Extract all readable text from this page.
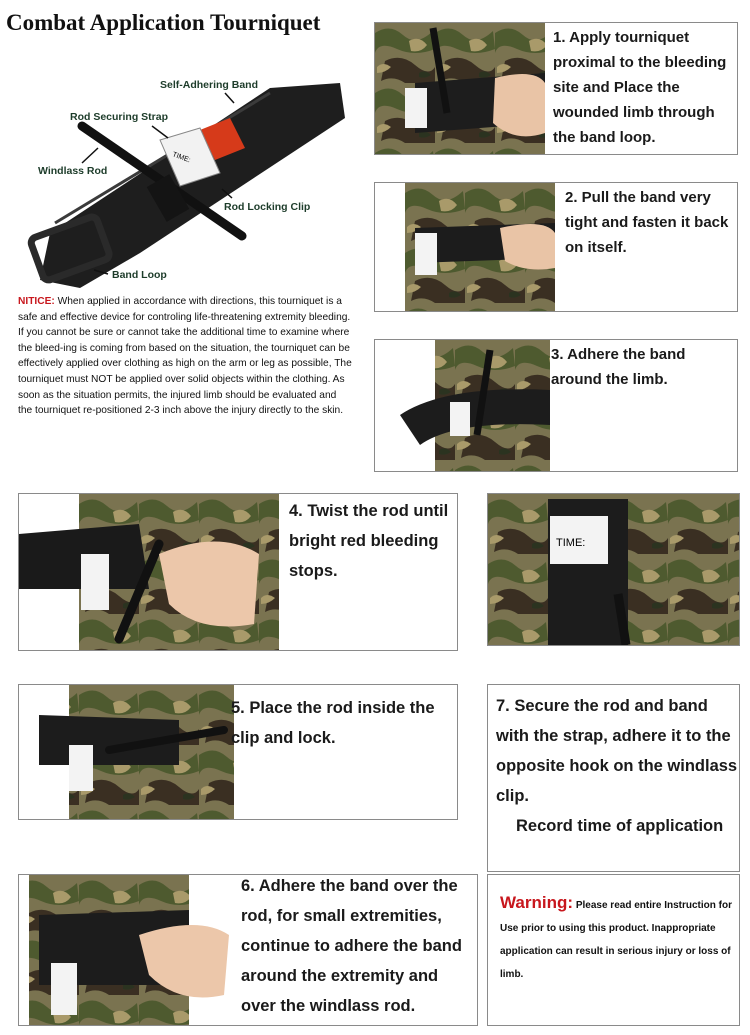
Combat Application Tourniquet
TIME:
Self-Adhering Band
Rod Securing Strap
Windlass Rod
Rod Locking Clip
Band Loop
NITICE: When applied in accordance with directions, this tourniquet is a safe and effective device for controling life-threatening extremity bleeding. If you cannot be sure or cannot take the additional time to examine where the bleed-ing is coming from based on the situation, the tourniquet can be effectively applied over clothing as high on the arm or leg as possible, The tourniquet must NOT be applied over solid objects within the clothing. As soon as the situation permits, the injured limb should be evaluated and the tourniquet re-positioned 2-3 inch above the injury directly to the skin.
1. Apply tourniquet proximal to the bleeding site and Place the wounded limb through the band loop.
2. Pull the band very tight and fasten it back on itself.
3. Adhere the band around the limb.
4. Twist the rod until bright red bleeding stops.
TIME:
5. Place the rod inside the clip and lock.
7. Secure the rod and band with the strap, adhere it to the opposite hook on the windlass clip.
Record time of application
6. Adhere the band over the rod, for small extremities, continue to adhere the band around the extremity and over the windlass rod.
Warning: Please read entire Instruction for Use prior to using this product. Inappropriate application can result in serious injury or loss of limb.
